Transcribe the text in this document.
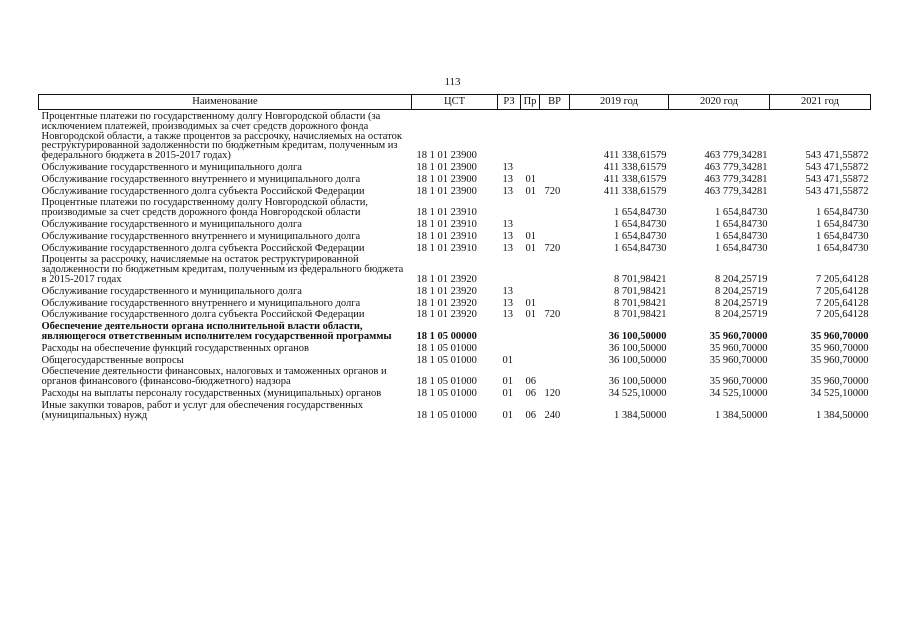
113
Наименование	ЦСТ	РЗ	Пр	ВР	2019 год	2020 год	2021 год
Процентные платежи по государственному долгу Новгородской области (за исключением платежей, производимых за счет средств дорожного фонда Новгородской области, а также процентов за рассрочку, начисляемых на остаток реструктурированной задолженности по бюджетным кредитам, полученным из федерального бюджета в 2015-2017 годах)	18 1 01 23900				411 338,61579	463 779,34281	543 471,55872
Обслуживание государственного и муниципального долга	18 1 01 23900	13			411 338,61579	463 779,34281	543 471,55872
Обслуживание государственного внутреннего и муниципального долга	18 1 01 23900	13	01		411 338,61579	463 779,34281	543 471,55872
Обслуживание государственного долга субъекта Российской Федерации	18 1 01 23900	13	01	720	411 338,61579	463 779,34281	543 471,55872
Процентные платежи по государственному долгу Новгородской области, производимые за счет средств дорожного фонда Новгородской области	18 1 01 23910				1 654,84730	1 654,84730	1 654,84730
Обслуживание государственного и муниципального долга	18 1 01 23910	13			1 654,84730	1 654,84730	1 654,84730
Обслуживание государственного внутреннего и муниципального долга	18 1 01 23910	13	01		1 654,84730	1 654,84730	1 654,84730
Обслуживание государственного долга субъекта Российской Федерации	18 1 01 23910	13	01	720	1 654,84730	1 654,84730	1 654,84730
Проценты за рассрочку, начисляемые на остаток реструктурированной задолженности по бюджетным кредитам, полученным из федерального бюджета в 2015-2017 годах	18 1 01 23920				8 701,98421	8 204,25719	7 205,64128
Обслуживание государственного и муниципального долга	18 1 01 23920	13			8 701,98421	8 204,25719	7 205,64128
Обслуживание государственного внутреннего и муниципального долга	18 1 01 23920	13	01		8 701,98421	8 204,25719	7 205,64128
Обслуживание государственного долга субъекта Российской Федерации	18 1 01 23920	13	01	720	8 701,98421	8 204,25719	7 205,64128
Обеспечение деятельности органа исполнительной власти области, являющегося ответственным исполнителем государственной программы	18 1 05 00000				36 100,50000	35 960,70000	35 960,70000
Расходы на обеспечение функций государственных органов	18 1 05 01000				36 100,50000	35 960,70000	35 960,70000
Общегосударственные вопросы	18 1 05 01000	01			36 100,50000	35 960,70000	35 960,70000
Обеспечение деятельности финансовых, налоговых и таможенных органов и органов финансового (финансово-бюджетного) надзора	18 1 05 01000	01	06		36 100,50000	35 960,70000	35 960,70000
Расходы на выплаты персоналу государственных (муниципальных) органов	18 1 05 01000	01	06	120	34 525,10000	34 525,10000	34 525,10000
Иные закупки товаров, работ и услуг для обеспечения государственных (муниципальных) нужд	18 1 05 01000	01	06	240	1 384,50000	1 384,50000	1 384,50000
